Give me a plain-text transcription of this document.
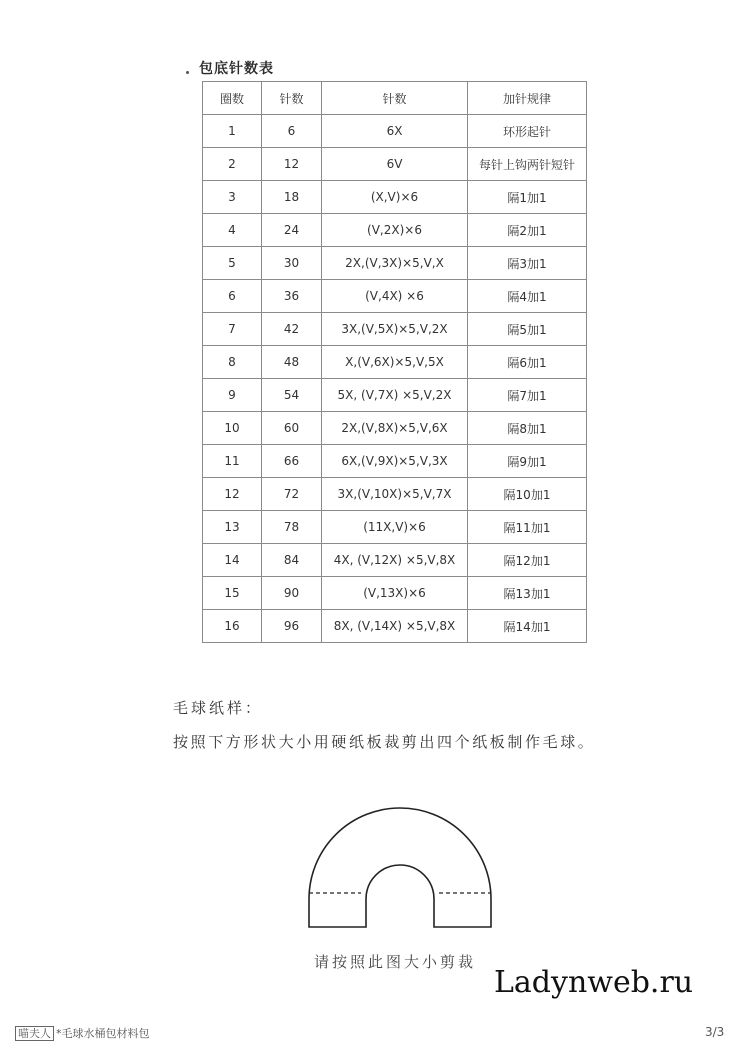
包底针数表
圈数	针数	针数	加针规律
1	6	6X	环形起针
2	12	6V	每针上钩两针短针
3	18	(X,V)×6	隔1加1
4	24	(V,2X)×6	隔2加1
5	30	2X,(V,3X)×5,V,X	隔3加1
6	36	(V,4X) ×6	隔4加1
7	42	3X,(V,5X)×5,V,2X	隔5加1
8	48	X,(V,6X)×5,V,5X	隔6加1
9	54	5X, (V,7X) ×5,V,2X	隔7加1
10	60	2X,(V,8X)×5,V,6X	隔8加1
11	66	6X,(V,9X)×5,V,3X	隔9加1
12	72	3X,(V,10X)×5,V,7X	隔10加1
13	78	(11X,V)×6	隔11加1
14	84	4X, (V,12X) ×5,V,8X	隔12加1
15	90	(V,13X)×6	隔13加1
16	96	8X, (V,14X) ×5,V,8X	隔14加1
毛球纸样：
按照下方形状大小用硬纸板裁剪出四个纸板制作毛球。
请按照此图大小剪裁
Ladynweb.ru
喵夫人 *毛球水桶包材料包	3/3
